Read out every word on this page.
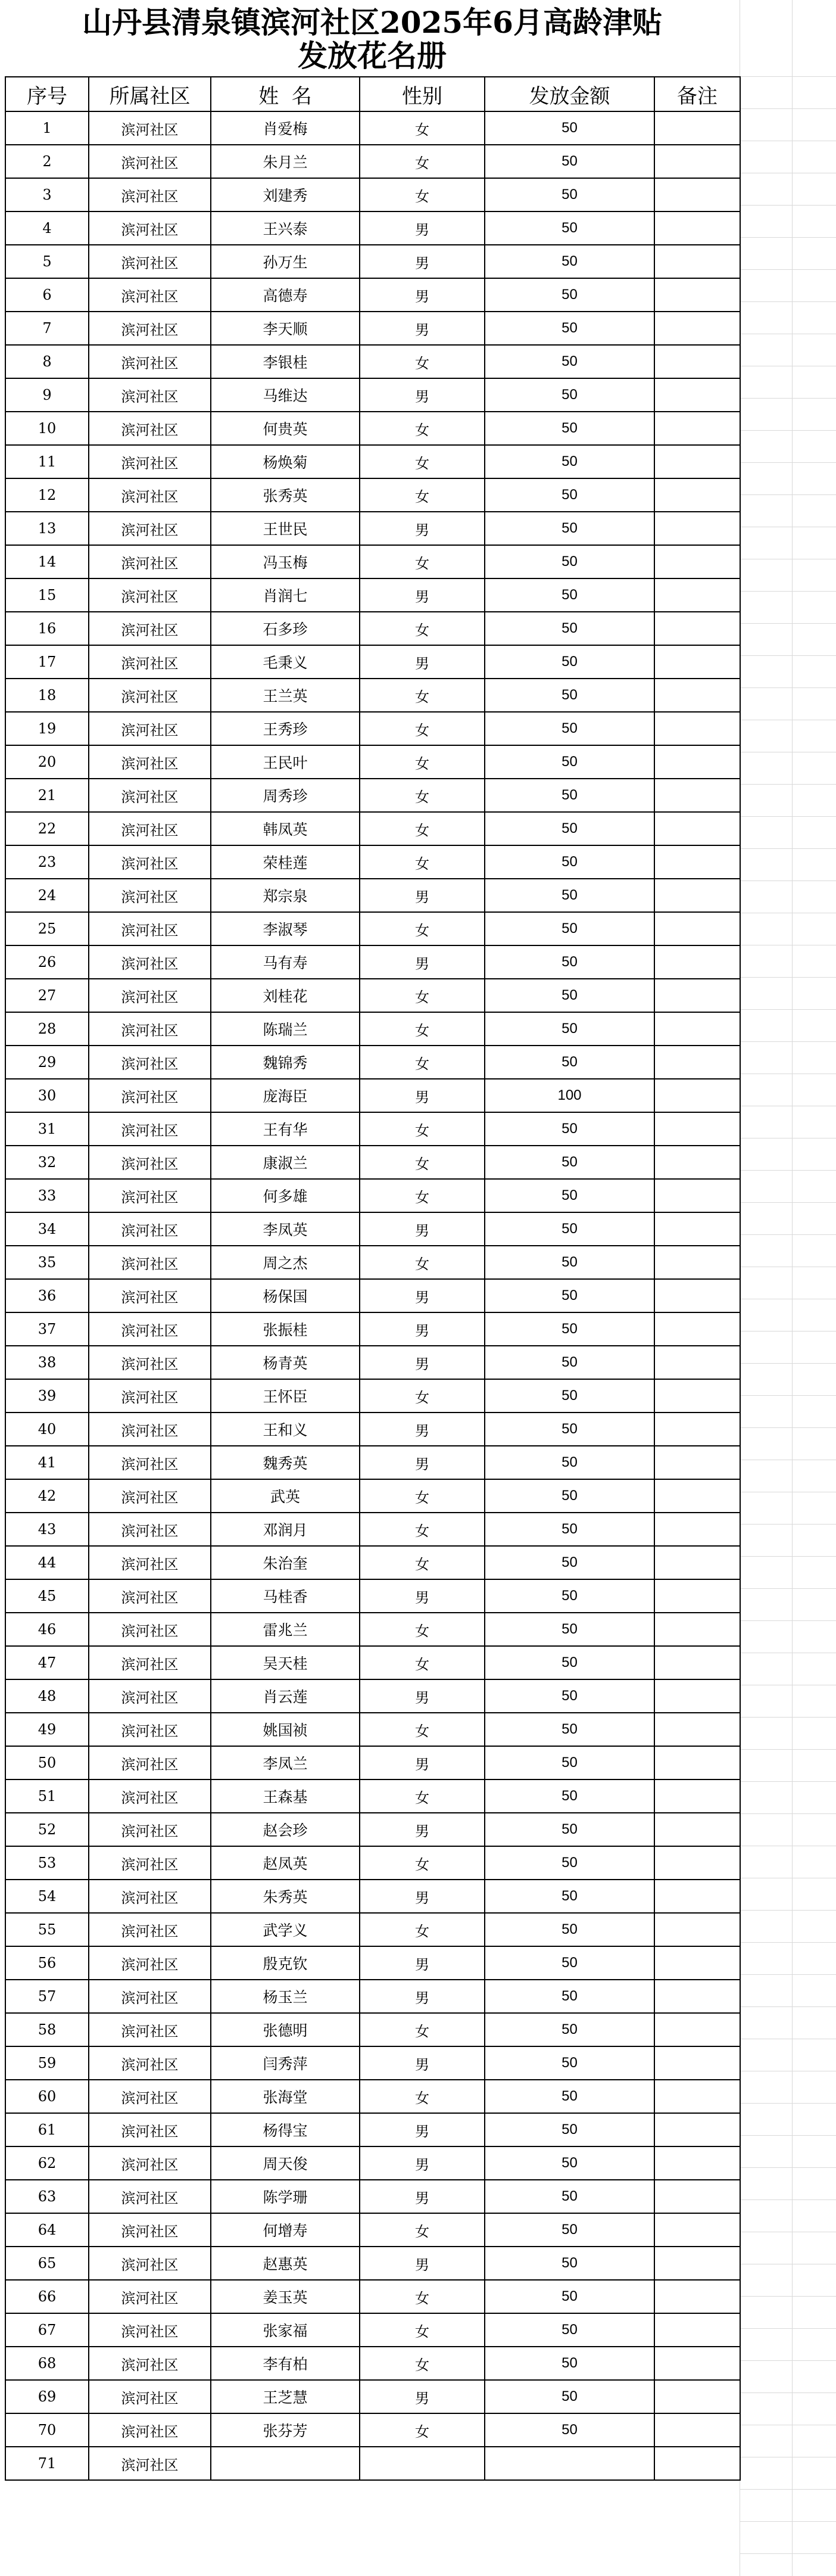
山丹县清泉镇滨河社区2025年6月高龄津贴
发放花名册
序号	所属社区	姓  名	性别	发放金额	备注
1	滨河社区	肖爱梅	女	50	
2	滨河社区	朱月兰	女	50	
3	滨河社区	刘建秀	女	50	
4	滨河社区	王兴泰	男	50	
5	滨河社区	孙万生	男	50	
6	滨河社区	高德寿	男	50	
7	滨河社区	李天顺	男	50	
8	滨河社区	李银桂	女	50	
9	滨河社区	马维达	男	50	
10	滨河社区	何贵英	女	50	
11	滨河社区	杨焕菊	女	50	
12	滨河社区	张秀英	女	50	
13	滨河社区	王世民	男	50	
14	滨河社区	冯玉梅	女	50	
15	滨河社区	肖润七	男	50	
16	滨河社区	石多珍	女	50	
17	滨河社区	毛秉义	男	50	
18	滨河社区	王兰英	女	50	
19	滨河社区	王秀珍	女	50	
20	滨河社区	王民叶	女	50	
21	滨河社区	周秀珍	女	50	
22	滨河社区	韩凤英	女	50	
23	滨河社区	荣桂莲	女	50	
24	滨河社区	郑宗泉	男	50	
25	滨河社区	李淑琴	女	50	
26	滨河社区	马有寿	男	50	
27	滨河社区	刘桂花	女	50	
28	滨河社区	陈瑞兰	女	50	
29	滨河社区	魏锦秀	女	50	
30	滨河社区	庞海臣	男	100	
31	滨河社区	王有华	女	50	
32	滨河社区	康淑兰	女	50	
33	滨河社区	何多雄	女	50	
34	滨河社区	李凤英	男	50	
35	滨河社区	周之杰	女	50	
36	滨河社区	杨保国	男	50	
37	滨河社区	张振桂	男	50	
38	滨河社区	杨青英	男	50	
39	滨河社区	王怀臣	女	50	
40	滨河社区	王和义	男	50	
41	滨河社区	魏秀英	男	50	
42	滨河社区	武英	女	50	
43	滨河社区	邓润月	女	50	
44	滨河社区	朱治奎	女	50	
45	滨河社区	马桂香	男	50	
46	滨河社区	雷兆兰	女	50	
47	滨河社区	吴天桂	女	50	
48	滨河社区	肖云莲	男	50	
49	滨河社区	姚国祯	女	50	
50	滨河社区	李凤兰	男	50	
51	滨河社区	王森基	女	50	
52	滨河社区	赵会珍	男	50	
53	滨河社区	赵凤英	女	50	
54	滨河社区	朱秀英	男	50	
55	滨河社区	武学义	女	50	
56	滨河社区	殷克钦	男	50	
57	滨河社区	杨玉兰	男	50	
58	滨河社区	张德明	女	50	
59	滨河社区	闫秀萍	男	50	
60	滨河社区	张海堂	女	50	
61	滨河社区	杨得宝	男	50	
62	滨河社区	周天俊	男	50	
63	滨河社区	陈学珊	男	50	
64	滨河社区	何增寿	女	50	
65	滨河社区	赵惠英	男	50	
66	滨河社区	姜玉英	女	50	
67	滨河社区	张家福	女	50	
68	滨河社区	李有柏	女	50	
69	滨河社区	王芝慧	男	50	
70	滨河社区	张芬芳	女	50	
71	滨河社区				
